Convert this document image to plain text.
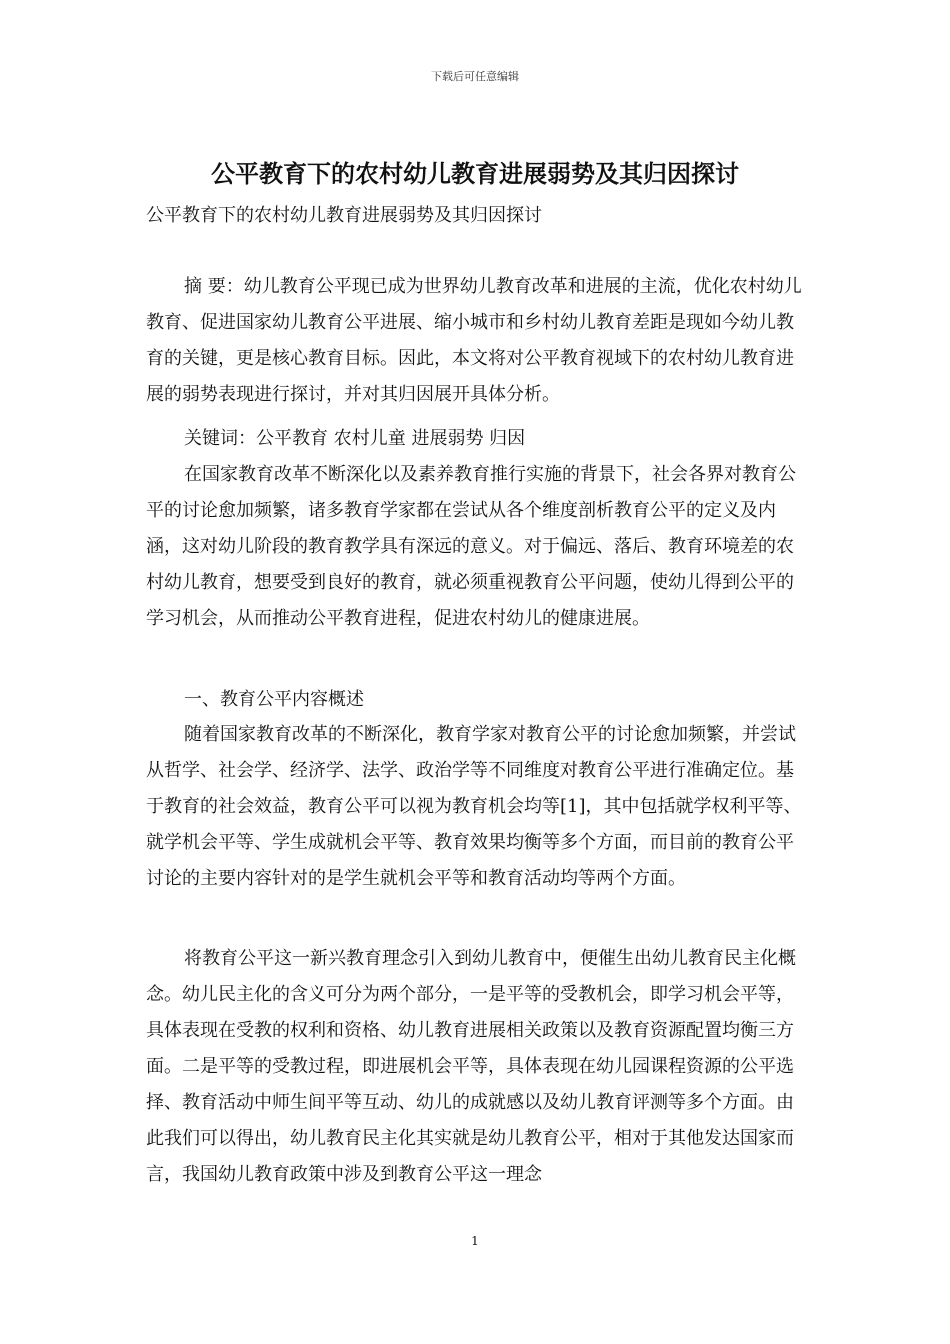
下载后可任意编辑
公平教育下的农村幼儿教育进展弱势及其归因探讨

公平教育下的农村幼儿教育进展弱势及其归因探讨

摘 要：幼儿教育公平现已成为世界幼儿教育改革和进展的主流，优化农村幼儿教育、促进国家幼儿教育公平进展、缩小城市和乡村幼儿教育差距是现如今幼儿教育的关键，更是核心教育目标。因此，本文将对公平教育视域下的农村幼儿教育进展的弱势表现进行探讨，并对其归因展开具体分析。

关键词：公平教育 农村儿童 进展弱势 归因

在国家教育改革不断深化以及素养教育推行实施的背景下，社会各界对教育公平的讨论愈加频繁，诸多教育学家都在尝试从各个维度剖析教育公平的定义及内涵，这对幼儿阶段的教育教学具有深远的意义。对于偏远、落后、教育环境差的农村幼儿教育，想要受到良好的教育，就必须重视教育公平问题，使幼儿得到公平的学习机会，从而推动公平教育进程，促进农村幼儿的健康进展。

一、教育公平内容概述

随着国家教育改革的不断深化，教育学家对教育公平的讨论愈加频繁，并尝试从哲学、社会学、经济学、法学、政治学等不同维度对教育公平进行准确定位。基于教育的社会效益，教育公平可以视为教育机会均等[1]，其中包括就学权利平等、就学机会平等、学生成就机会平等、教育效果均衡等多个方面，而目前的教育公平讨论的主要内容针对的是学生就机会平等和教育活动均等两个方面。

将教育公平这一新兴教育理念引入到幼儿教育中，便催生出幼儿教育民主化概念。幼儿民主化的含义可分为两个部分，一是平等的受教机会，即学习机会平等，具体表现在受教的权利和资格、幼儿教育进展相关政策以及教育资源配置均衡三方面。二是平等的受教过程，即进展机会平等，具体表现在幼儿园课程资源的公平选择、教育活动中师生间平等互动、幼儿的成就感以及幼儿教育评测等多个方面。由此我们可以得出，幼儿教育民主化其实就是幼儿教育公平，相对于其他发达国家而言，我国幼儿教育政策中涉及到教育公平这一理念

1
